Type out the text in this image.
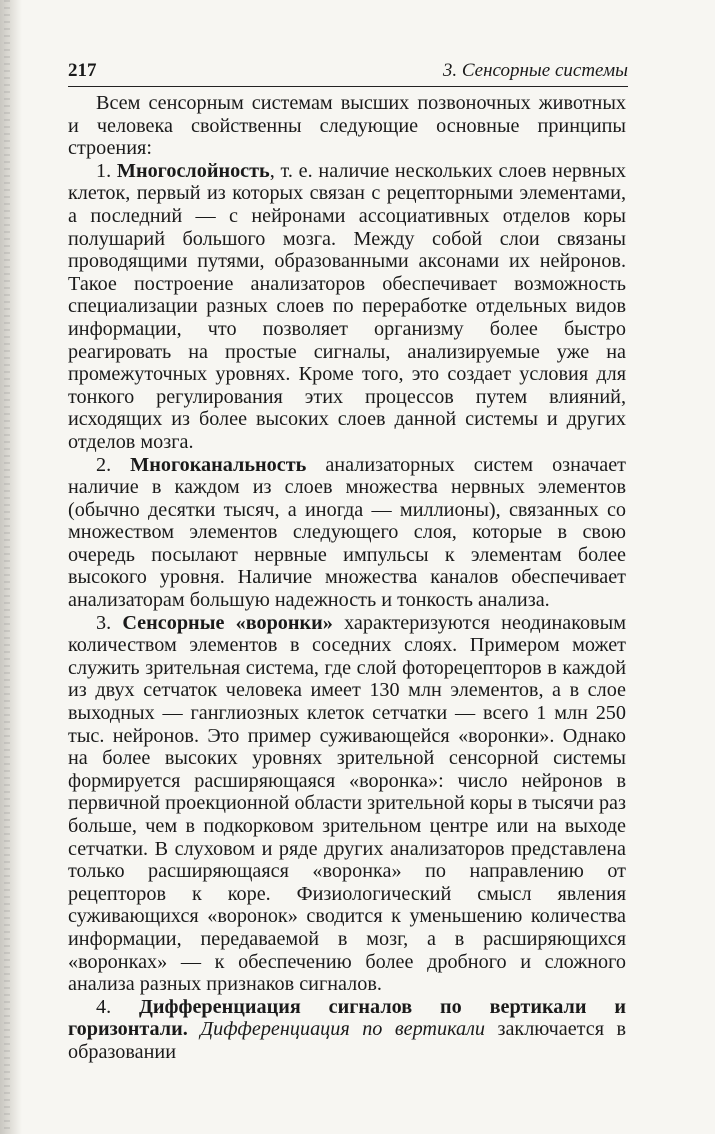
217	3. Сенсорные системы

Всем сенсорным системам высших позвоночных животных и человека свойственны следующие основные принципы строения:

1. Многослойность, т. е. наличие нескольких слоев нервных клеток, первый из которых связан с рецепторными элементами, а последний — с нейронами ассоциативных отделов коры полушарий большого мозга. Между собой слои связаны проводящими путями, образованными аксонами их нейронов. Такое построение анализаторов обеспечивает возможность специализации разных слоев по переработке отдельных видов информации, что позволяет организму более быстро реагировать на простые сигналы, анализируемые уже на промежуточных уровнях. Кроме того, это создает условия для тонкого регулирования этих процессов путем влияний, исходящих из более высоких слоев данной системы и других отделов мозга.

2. Многоканальность анализаторных систем означает наличие в каждом из слоев множества нервных элементов (обычно десятки тысяч, а иногда — миллионы), связанных со множеством элементов следующего слоя, которые в свою очередь посылают нервные импульсы к элементам более высокого уровня. Наличие множества каналов обеспечивает анализаторам большую надежность и тонкость анализа.

3. Сенсорные «воронки» характеризуются неодинаковым количеством элементов в соседних слоях. Примером может служить зрительная система, где слой фоторецепторов в каждой из двух сетчаток человека имеет 130 млн элементов, а в слое выходных — ганглиозных клеток сетчатки — всего 1 млн 250 тыс. нейронов. Это пример суживающейся «воронки». Однако на более высоких уровнях зрительной сенсорной системы формируется расширяющаяся «воронка»: число нейронов в первичной проекционной области зрительной коры в тысячи раз больше, чем в подкорковом зрительном центре или на выходе сетчатки. В слуховом и ряде других анализаторов представлена только расширяющаяся «воронка» по направлению от рецепторов к коре. Физиологический смысл явления суживающихся «воронок» сводится к уменьшению количества информации, передаваемой в мозг, а в расширяющихся «воронках» — к обеспечению более дробного и сложного анализа разных признаков сигналов.

4. Дифференциация сигналов по вертикали и горизонтали. Дифференциация по вертикали заключается в образовании
